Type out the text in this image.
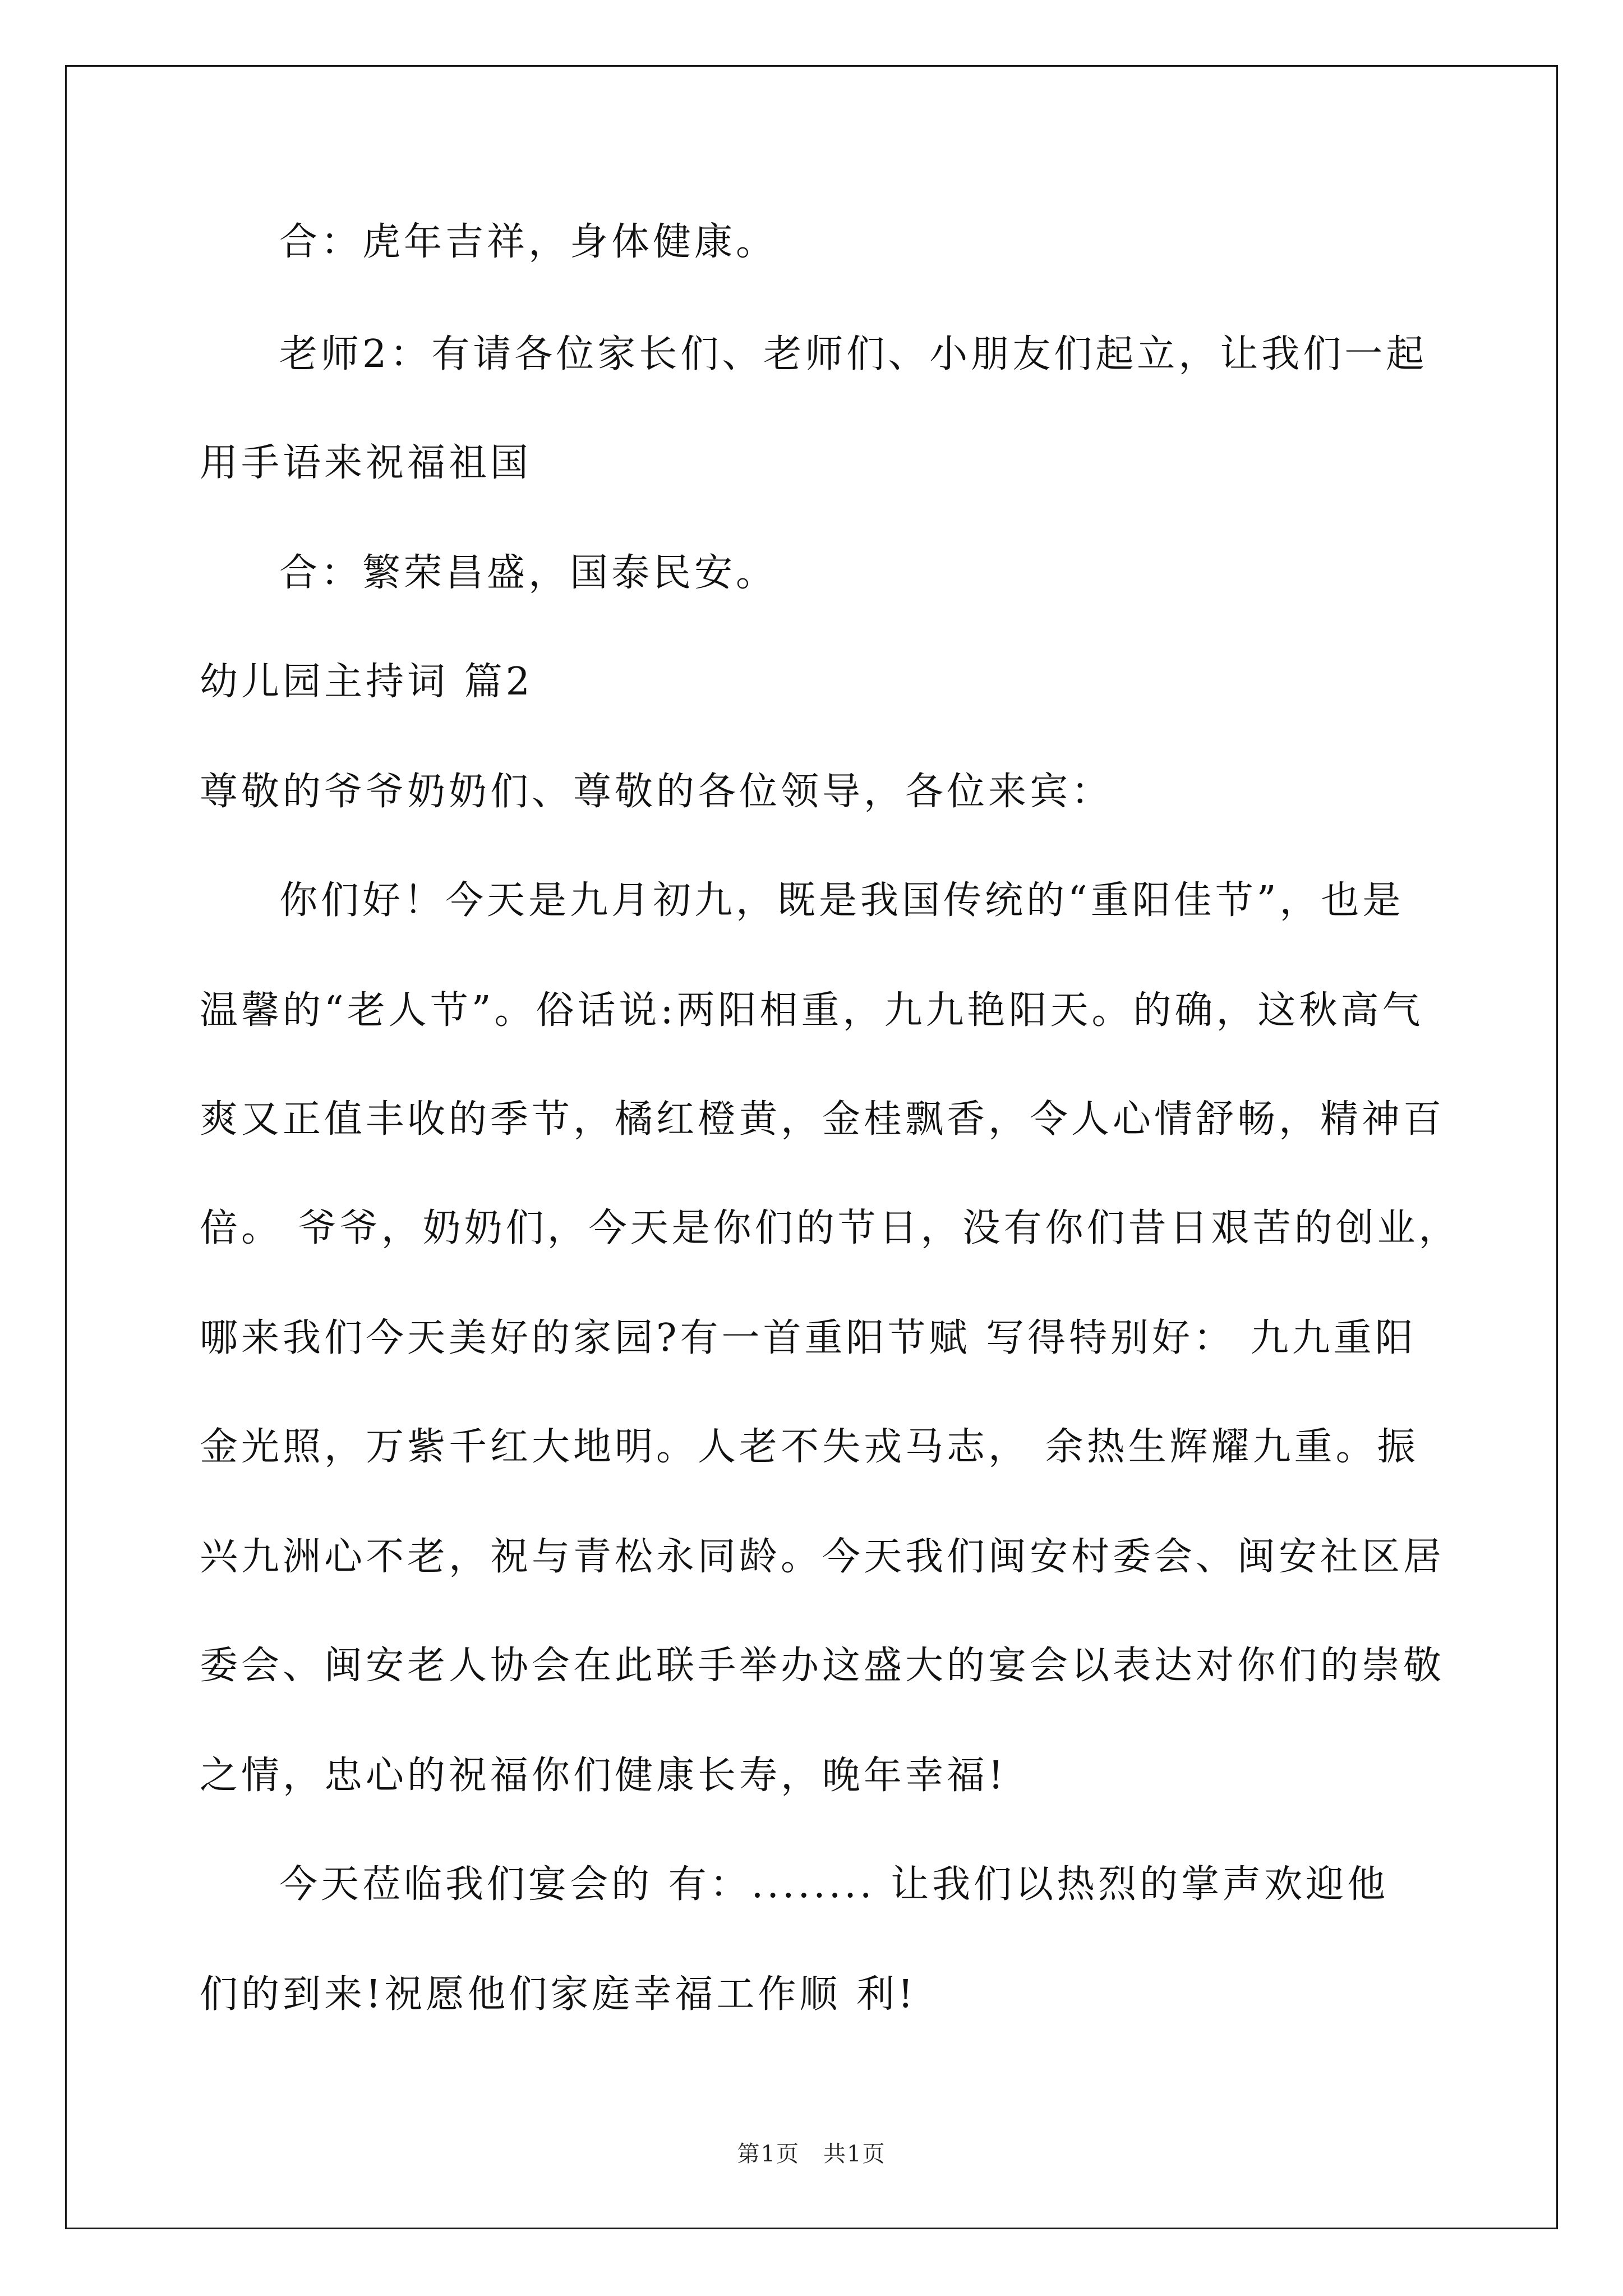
合：虎年吉祥，身体健康。
老师2：有请各位家长们、老师们、小朋友们起立，让我们一起
用手语来祝福祖国
合：繁荣昌盛，国泰民安。
幼儿园主持词 篇2
尊敬的爷爷奶奶们、尊敬的各位领导，各位来宾：
你们好！今天是九月初九，既是我国传统的“重阳佳节”，也是
温馨的“老人节”。俗话说:两阳相重，九九艳阳天。的确，这秋高气
爽又正值丰收的季节，橘红橙黄，金桂飘香，令人心情舒畅，精神百
倍。 爷爷，奶奶们，今天是你们的节日，没有你们昔日艰苦的创业，
哪来我们今天美好的家园?有一首重阳节赋 写得特别好： 九九重阳
金光照，万紫千红大地明。人老不失戎马志， 余热生辉耀九重。振
兴九洲心不老，祝与青松永同龄。今天我们闽安村委会、闽安社区居
委会、闽安老人协会在此联手举办这盛大的宴会以表达对你们的崇敬
之情，忠心的祝福你们健康长寿，晚年幸福!
今天莅临我们宴会的 有：........ 让我们以热烈的掌声欢迎他
们的到来!祝愿他们家庭幸福工作顺 利!
第1页　共1页
